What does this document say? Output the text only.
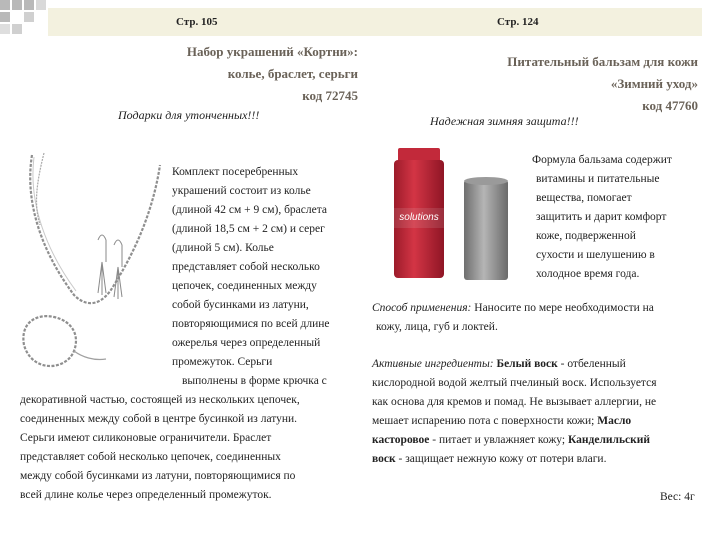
Стр. 105	Стр. 124
Набор украшений «Кортни»:
колье, браслет, серьги
код 72745
Подарки для утонченных!!!
Питательный бальзам для кожи
«Зимний уход»
код 47760
Надежная зимняя защита!!!
Комплект посеребренных
украшений состоит из колье
(длиной 42 см + 9 см), браслета
(длиной 18,5 см + 2 см) и серег
(длиной 5 см). Колье
представляет собой несколько
цепочек, соединенных между
собой бусинками из латуни,
повторяющимися по всей длине
ожерелья через определенный
промежуток. Серьги
выполнены в форме крючка с
декоративной частью, состоящей из нескольких цепочек,
соединенных между собой в центре бусинкой из латуни.
Серьги имеют силиконовые ограничители. Браслет
представляет собой несколько цепочек, соединенных
между собой бусинками из латуни, повторяющимися по
всей длине колье через определенный промежуток.
solutions
Формула бальзама содержит
витамины и питательные
вещества, помогает
защитить и дарит комфорт
коже, подверженной
сухости и шелушению в
холодное время года.
Способ применения: Наносите по мере необходимости на
кожу, лица, губ и локтей.
Активные ингредиенты: Белый воск - отбеленный
кислородной водой желтый пчелиный воск. Используется
как основа для кремов и помад. Не вызывает аллергии, не
мешает испарению пота с поверхности кожи; Масло
касторовое - питает и увлажняет кожу; Канделильский
воск - защищает нежную кожу от потери влаги.
Вес: 4г
